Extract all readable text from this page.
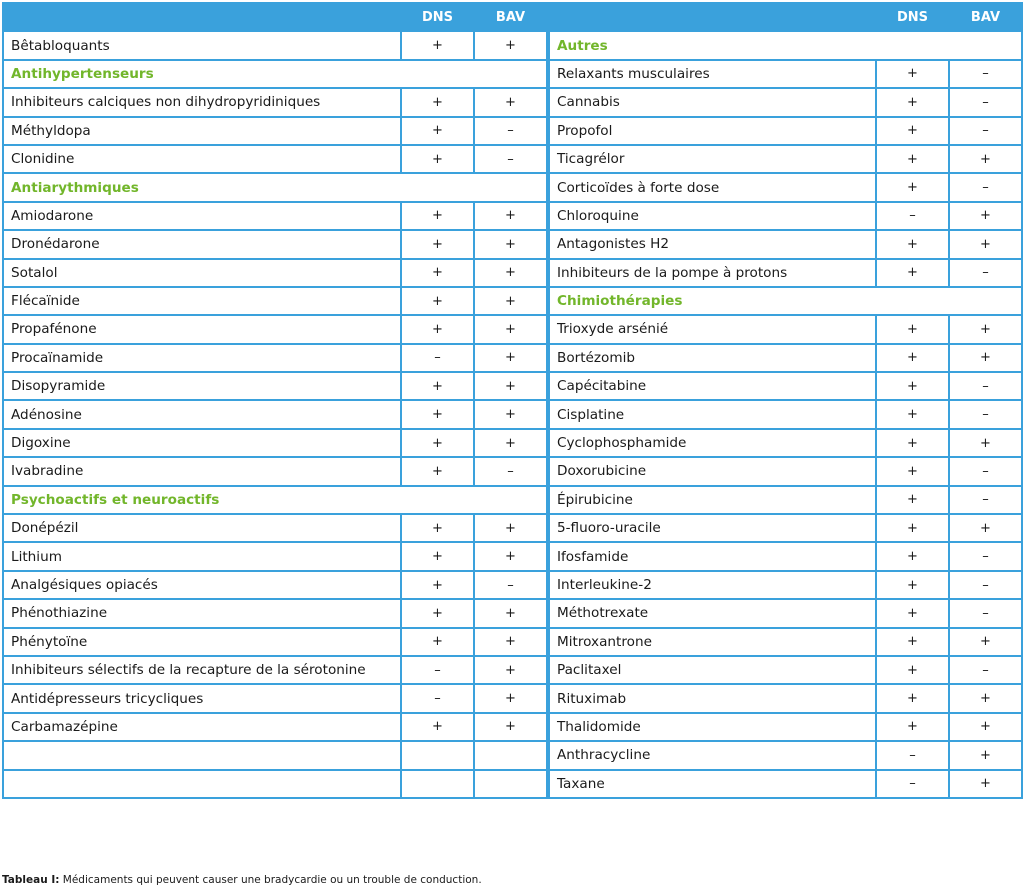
	DNS	BAV
Bêtabloquants	+	+
Antihypertenseurs		
Inhibiteurs calciques non dihydropyridiniques	+	+
Méthyldopa	+	–
Clonidine	+	–
Antiarythmiques		
Amiodarone	+	+
Dronédarone	+	+
Sotalol	+	+
Flécaïnide	+	+
Propafénone	+	+
Procaïnamide	–	+
Disopyramide	+	+
Adénosine	+	+
Digoxine	+	+
Ivabradine	+	–
Psychoactifs et neuroactifs		
Donépézil	+	+
Lithium	+	+
Analgésiques opiacés	+	–
Phénothiazine	+	+
Phénytoïne	+	+
Inhibiteurs sélectifs de la recapture de la sérotonine	–	+
Antidépresseurs tricycliques	–	+
Carbamazépine	+	+

	DNS	BAV
Autres		
Relaxants musculaires	+	–
Cannabis	+	–
Propofol	+	–
Ticagrélor	+	+
Corticoïdes à forte dose	+	–
Chloroquine	–	+
Antagonistes H2	+	+
Inhibiteurs de la pompe à protons	+	–
Chimiothérapies		
Trioxyde arsénié	+	+
Bortézomib	+	+
Capécitabine	+	–
Cisplatine	+	–
Cyclophosphamide	+	+
Doxorubicine	+	–
Épirubicine	+	–
5-fluoro-uracile	+	+
Ifosfamide	+	–
Interleukine-2	+	–
Méthotrexate	+	–
Mitroxantrone	+	+
Paclitaxel	+	–
Rituximab	+	+
Thalidomide	+	+
Anthracycline	–	+
Taxane	–	+
Tableau I: Médicaments qui peuvent causer une bradycardie ou un trouble de conduction.
